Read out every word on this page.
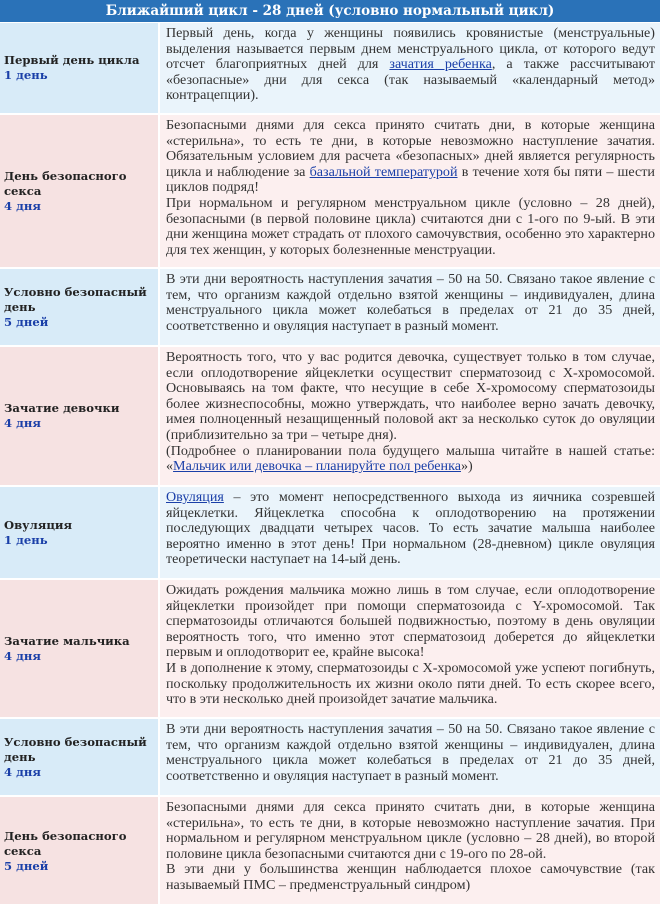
Ближайший цикл - 28 дней (условно нормальный цикл)
Первый день цикла
1 день

Первый день, когда у женщины появились кровянистые (менструальные) выделения называется первым днем менструального цикла, от которого ведут отсчет благоприятных дней для зачатия ребенка, а также рассчитывают «безопасные» дни для секса (так называемый «календарный метод» контрацепции).

День безопасного секса
4 дня

Безопасными днями для секса принято считать дни, в которые женщина «стерильна», то есть те дни, в которые невозможно наступление зачатия. Обязательным условием для расчета «безопасных» дней является регулярность цикла и наблюдение за базальной температурой в течение хотя бы пяти – шести циклов подряд!

При нормальном и регулярном менструальном цикле (условно – 28 дней), безопасными (в первой половине цикла) считаются дни с 1-ого по 9-ый. В эти дни женщина может страдать от плохого самочувствия, особенно это характерно для тех женщин, у которых болезненные менструации.

Условно безопасный день
5 дней

В эти дни вероятность наступления зачатия – 50 на 50. Связано такое явление с тем, что организм каждой отдельно взятой женщины – индивидуален, длина менструального цикла может колебаться в пределах от 21 до 35 дней, соответственно и овуляция наступает в разный момент.

Зачатие девочки
4 дня

Вероятность того, что у вас родится девочка, существует только в том случае, если оплодотворение яйцеклетки осуществит сперматозоид с X-хромосомой. Основываясь на том факте, что несущие в себе X-хромосому сперматозоиды более жизнеспособны, можно утверждать, что наиболее верно зачать девочку, имея полноценный незащищенный половой акт за несколько суток до овуляции (приблизительно за три – четыре дня).

(Подробнее о планировании пола будущего малыша читайте в нашей статье: «Мальчик или девочка – планируйте пол ребенка»)

Овуляция
1 день

Овуляция – это момент непосредственного выхода из яичника созревшей яйцеклетки. Яйцеклетка способна к оплодотворению на протяжении последующих двадцати четырех часов. То есть зачатие малыша наиболее вероятно именно в этот день! При нормальном (28-дневном) цикле овуляция теоретически наступает на 14-ый день.

Зачатие мальчика
4 дня

Ожидать рождения мальчика можно лишь в том случае, если оплодотворение яйцеклетки произойдет при помощи сперматозоида с Y-хромосомой. Так сперматозоиды отличаются большей подвижностью, поэтому в день овуляции вероятность того, что именно этот сперматозоид доберется до яйцеклетки первым и оплодотворит ее, крайне высока!

И в дополнение к этому, сперматозоиды с X-хромосомой уже успеют погибнуть, поскольку продолжительность их жизни около пяти дней. То есть скорее всего, что в эти несколько дней произойдет зачатие мальчика.

Условно безопасный день
4 дня

В эти дни вероятность наступления зачатия – 50 на 50. Связано такое явление с тем, что организм каждой отдельно взятой женщины – индивидуален, длина менструального цикла может колебаться в пределах от 21 до 35 дней, соответственно и овуляция наступает в разный момент.

День безопасного секса
5 дней

Безопасными днями для секса принято считать дни, в которые женщина «стерильна», то есть те дни, в которые невозможно наступление зачатия. При нормальном и регулярном менструальном цикле (условно – 28 дней), во второй половине цикла безопасными считаются дни с 19-ого по 28-ой.

В эти дни у большинства женщин наблюдается плохое самочувствие (так называемый ПМС – предменструальный синдром)
